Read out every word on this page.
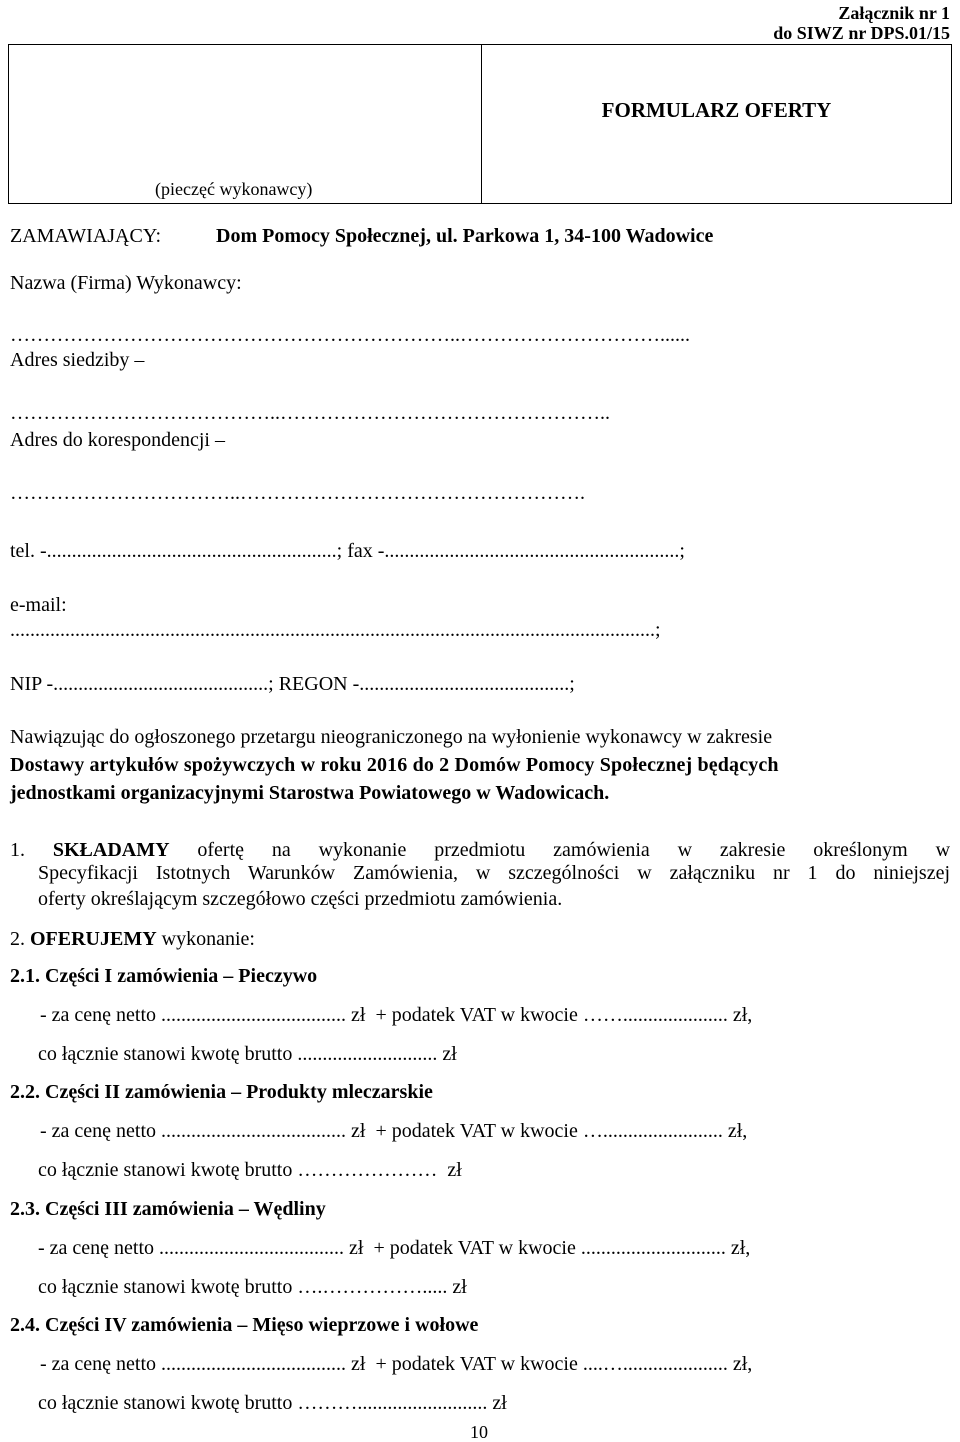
Załącznik nr 1
do SIWZ nr DPS.01/15
FORMULARZ OFERTY
(pieczęć wykonawcy)
ZAMAWIAJĄCY:	Dom Pomocy Społecznej, ul. Parkowa 1, 34-100 Wadowice
Nazwa (Firma) Wykonawcy:
…………………………………………………………..…………………………......
Adres siedziby –
…………………………………..…………………………………………..
Adres do korespondencji –
……………………………..…………………………………………….
tel. -..........................................................; fax -...........................................................;
e-mail:
.................................................................................................................................;
NIP -...........................................; REGON -..........................................;
Nawiązując do ogłoszonego przetargu nieograniczonego na wyłonienie wykonawcy w zakresie
Dostawy artykułów spożywczych w roku 2016 do 2 Domów Pomocy Społecznej będących
jednostkami organizacyjnymi Starostwa Powiatowego w Wadowicach.
1. SKŁADAMY ofertę na wykonanie przedmiotu zamówienia w zakresie określonym w
Specyfikacji Istotnych Warunków Zamówienia, w szczególności w załączniku nr 1 do niniejszej
oferty określającym szczegółowo części przedmiotu zamówienia.
2. OFERUJEMY wykonanie:
2.1. Części I zamówienia – Pieczywo
- za cenę netto ..................................... zł  + podatek VAT w kwocie ……..................... zł,
co łącznie stanowi kwotę brutto ............................ zł
2.2. Części II zamówienia – Produkty mleczarskie
- za cenę netto ..................................... zł  + podatek VAT w kwocie …........................ zł,
co łącznie stanowi kwotę brutto …………………  zł
2.3. Części III zamówienia – Wędliny
- za cenę netto ..................................... zł  + podatek VAT w kwocie ............................. zł,
co łącznie stanowi kwotę brutto ….……………..... zł
2.4. Części IV zamówienia – Mięso wieprzowe i wołowe
- za cenę netto ..................................... zł  + podatek VAT w kwocie ....…..................... zł,
co łącznie stanowi kwotę brutto ……….......................... zł
10
